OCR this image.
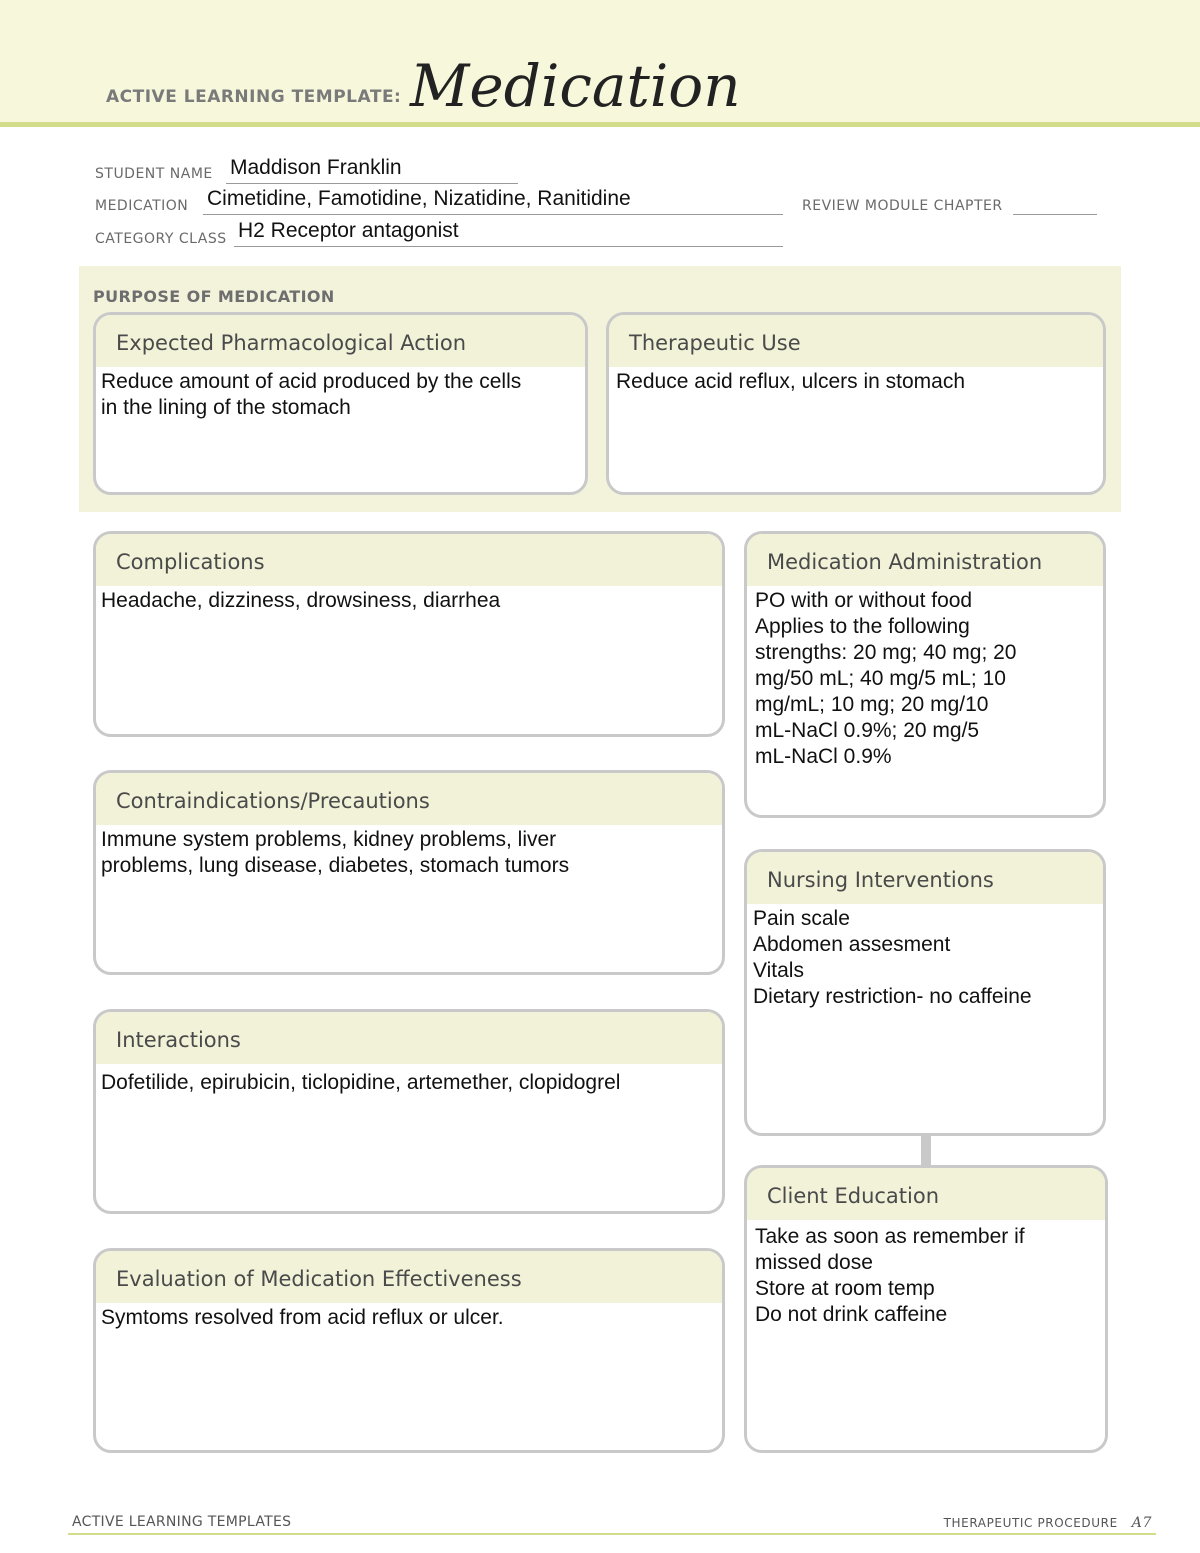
ACTIVE LEARNING TEMPLATE: Medication
STUDENT NAME Maddison Franklin
MEDICATION Cimetidine, Famotidine, Nizatidine, Ranitidine	REVIEW MODULE CHAPTER
CATEGORY CLASS H2 Receptor antagonist
PURPOSE OF MEDICATION
Expected Pharmacological Action
Reduce amount of acid produced by the cells
in the lining of the stomach
Therapeutic Use
Reduce acid reflux, ulcers in stomach
Complications
Headache, dizziness, drowsiness, diarrhea
Contraindications/Precautions
Immune system problems, kidney problems, liver
problems, lung disease, diabetes, stomach tumors
Interactions
Dofetilide, epirubicin, ticlopidine, artemether, clopidogrel
Evaluation of Medication Effectiveness
Symtoms resolved from acid reflux or ulcer.
Medication Administration
PO with or without food
Applies to the following
strengths: 20 mg; 40 mg; 20
mg/50 mL; 40 mg/5 mL; 10
mg/mL; 10 mg; 20 mg/10
mL-NaCl 0.9%; 20 mg/5
mL-NaCl 0.9%
Nursing Interventions
Pain scale
Abdomen assesment
Vitals
Dietary restriction- no caffeine
Client Education
Take as soon as remember if
missed dose
Store at room temp
Do not drink caffeine
ACTIVE LEARNING TEMPLATES	THERAPEUTIC PROCEDURE A7
